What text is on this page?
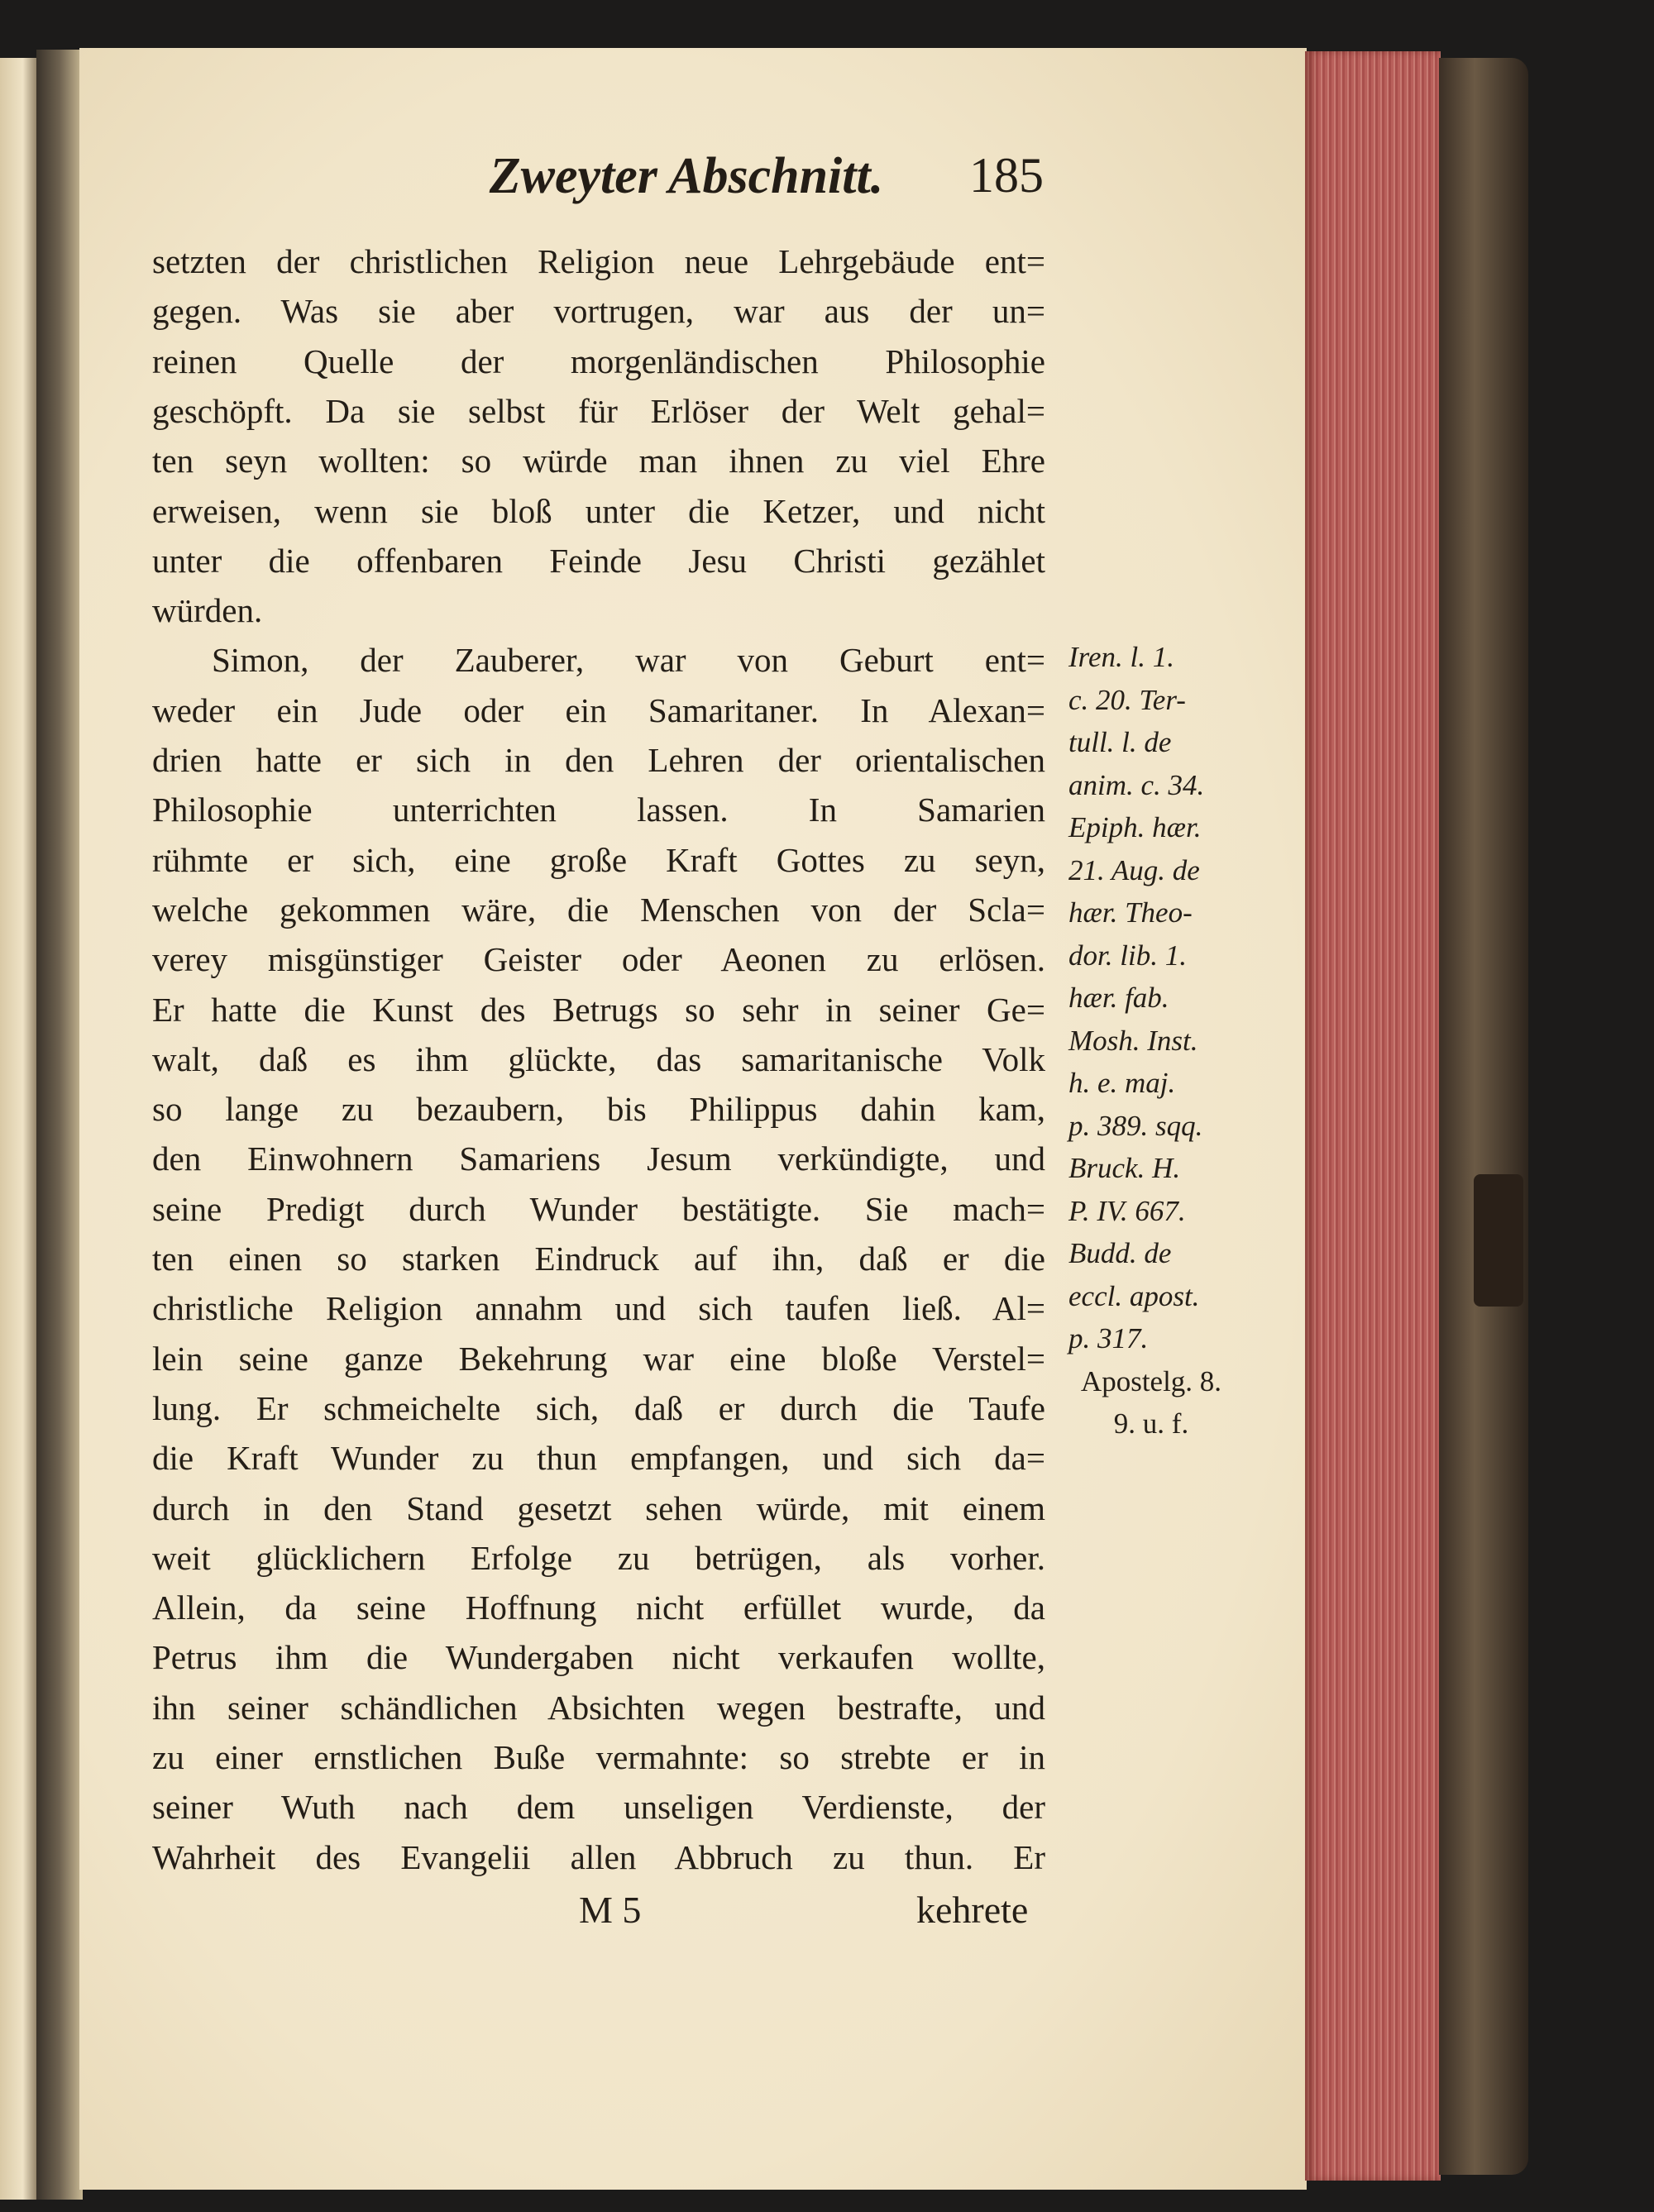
Zweyter Abschnitt.	185
setzten der christlichen Religion neue Lehrgebäude ent=
gegen. Was sie aber vortrugen, war aus der un=
reinen Quelle der morgenländischen Philosophie
geschöpft. Da sie selbst für Erlöser der Welt gehal=
ten seyn wollten: so würde man ihnen zu viel Ehre
erweisen, wenn sie bloß unter die Ketzer, und nicht
unter die offenbaren Feinde Jesu Christi gezählet
würden.
Simon, der Zauberer, war von Geburt ent=
weder ein Jude oder ein Samaritaner. In Alexan=
drien hatte er sich in den Lehren der orientalischen
Philosophie unterrichten lassen. In Samarien
rühmte er sich, eine große Kraft Gottes zu seyn,
welche gekommen wäre, die Menschen von der Scla=
verey misgünstiger Geister oder Aeonen zu erlösen.
Er hatte die Kunst des Betrugs so sehr in seiner Ge=
walt, daß es ihm glückte, das samaritanische Volk
so lange zu bezaubern, bis Philippus dahin kam,
den Einwohnern Samariens Jesum verkündigte, und
seine Predigt durch Wunder bestätigte. Sie mach=
ten einen so starken Eindruck auf ihn, daß er die
christliche Religion annahm und sich taufen ließ. Al=
lein seine ganze Bekehrung war eine bloße Verstel=
lung. Er schmeichelte sich, daß er durch die Taufe
die Kraft Wunder zu thun empfangen, und sich da=
durch in den Stand gesetzt sehen würde, mit einem
weit glücklichern Erfolge zu betrügen, als vorher.
Allein, da seine Hoffnung nicht erfüllet wurde, da
Petrus ihm die Wundergaben nicht verkaufen wollte,
ihn seiner schändlichen Absichten wegen bestrafte, und
zu einer ernstlichen Buße vermahnte: so strebte er in
seiner Wuth nach dem unseligen Verdienste, der
Wahrheit des Evangelii allen Abbruch zu thun. Er
Iren. l. 1.
c. 20. Ter-
tull. l. de
anim. c. 34.
Epiph. hær.
21. Aug. de
hær. Theo-
dor. lib. 1.
hær. fab.
Mosh. Inst.
h. e. maj.
p. 389. sqq.
Bruck. H.
P. IV. 667.
Budd. de
eccl. apost.
p. 317.
Apostelg. 8.
9. u. f.
M 5	kehrete
